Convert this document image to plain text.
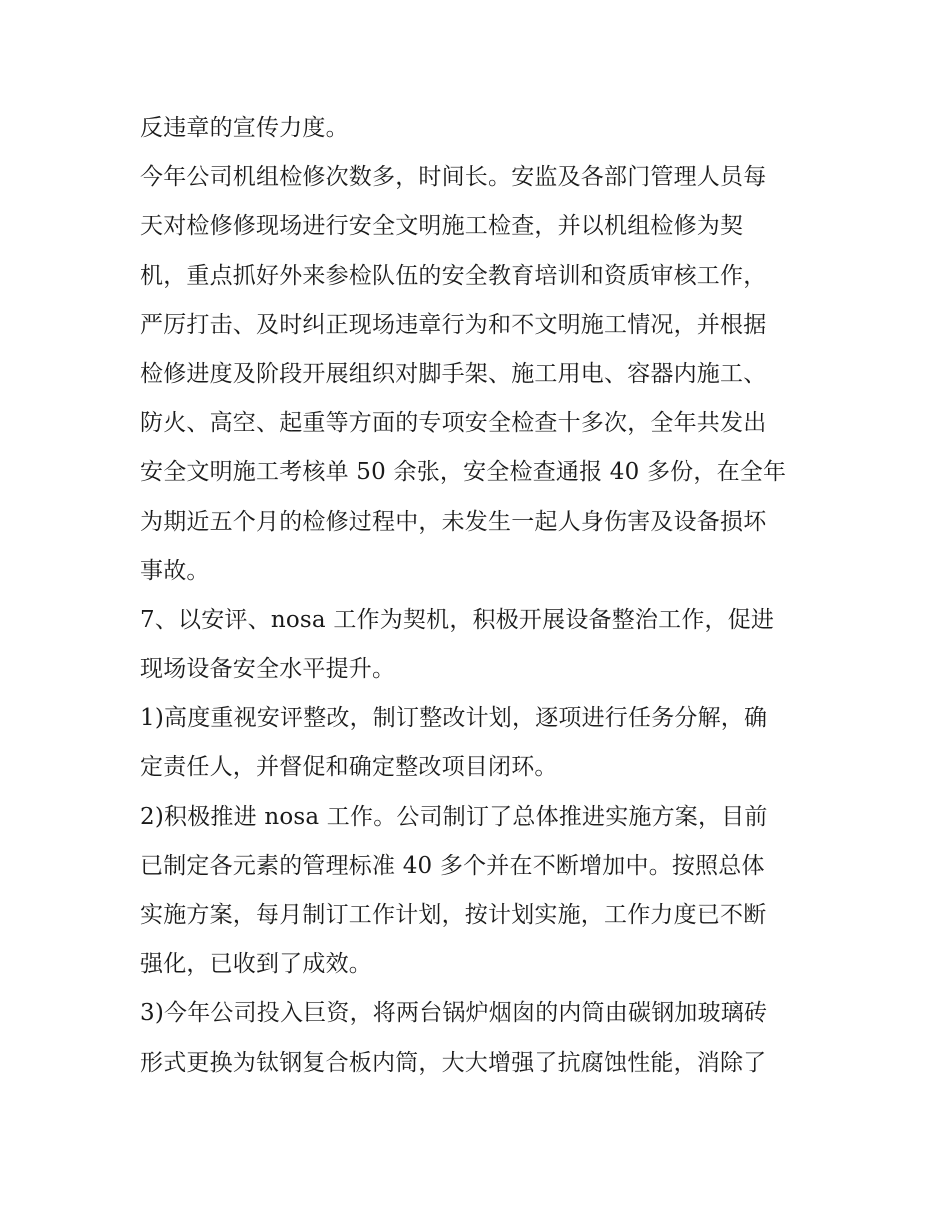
反违章的宣传力度。
今年公司机组检修次数多，时间长。安监及各部门管理人员每
天对检修修现场进行安全文明施工检查，并以机组检修为契
机，重点抓好外来参检队伍的安全教育培训和资质审核工作，
严厉打击、及时纠正现场违章行为和不文明施工情况，并根据
检修进度及阶段开展组织对脚手架、施工用电、容器内施工、
防火、高空、起重等方面的专项安全检查十多次，全年共发出
安全文明施工考核单 50 余张，安全检查通报 40 多份，在全年
为期近五个月的检修过程中，未发生一起人身伤害及设备损坏
事故。
7、以安评、nosa 工作为契机，积极开展设备整治工作，促进
现场设备安全水平提升。
1)高度重视安评整改，制订整改计划，逐项进行任务分解，确
定责任人，并督促和确定整改项目闭环。
2)积极推进 nosa 工作。公司制订了总体推进实施方案，目前
已制定各元素的管理标准 40 多个并在不断增加中。按照总体
实施方案，每月制订工作计划，按计划实施，工作力度已不断
强化，已收到了成效。
3)今年公司投入巨资，将两台锅炉烟囱的内筒由碳钢加玻璃砖
形式更换为钛钢复合板内筒，大大增强了抗腐蚀性能，消除了
